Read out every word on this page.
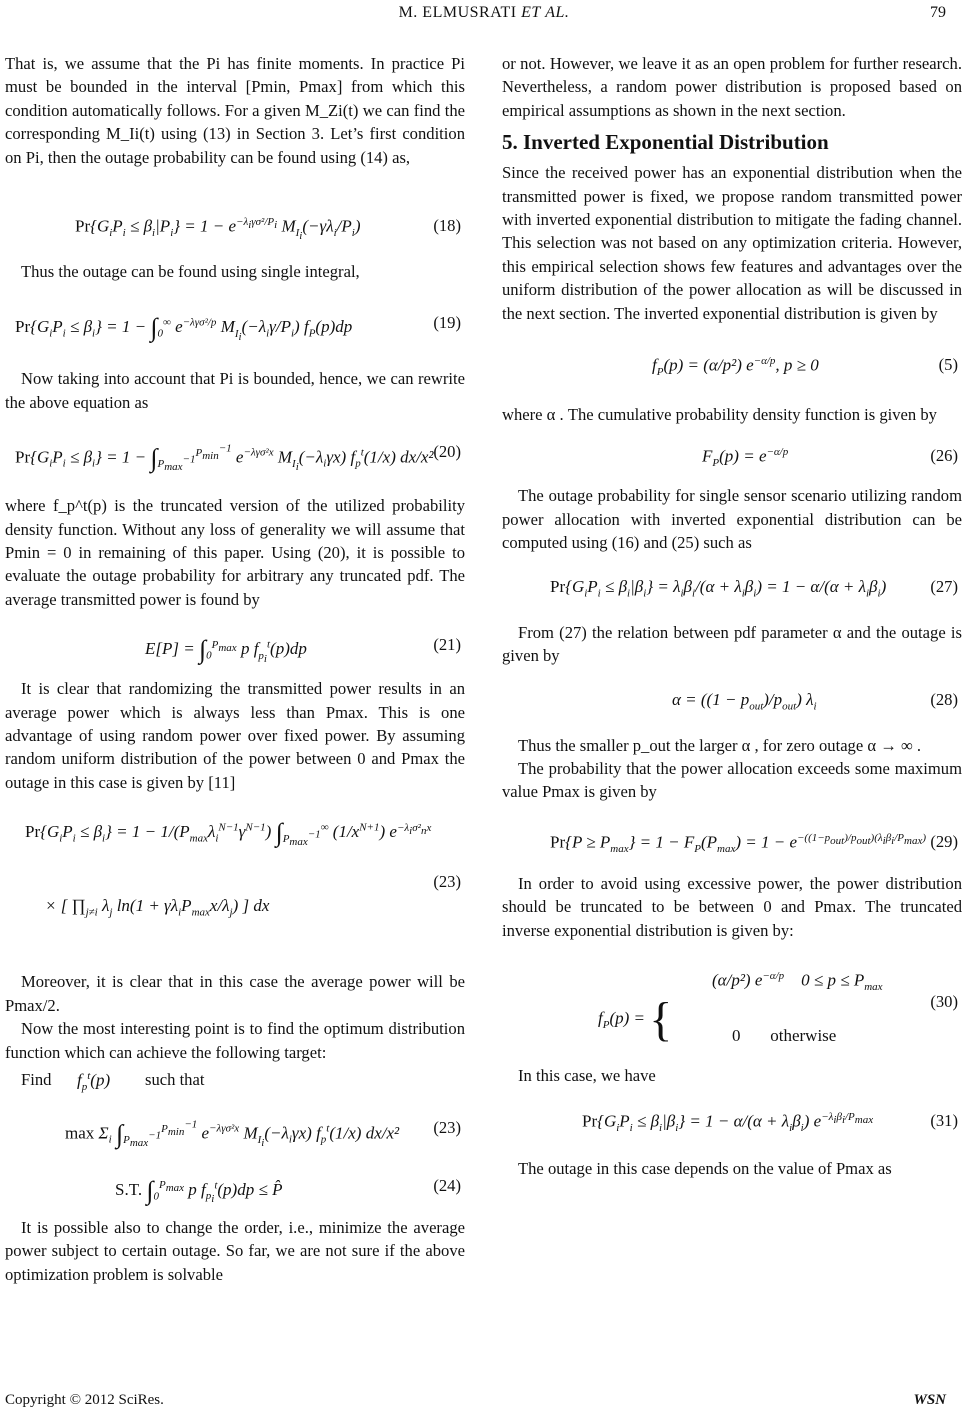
M. ELMUSRATI ET AL.	79

That is, we assume that the Pi has finite moments. In practice Pi must be bounded in the interval [Pmin, Pmax] from which this condition automatically follows. For a given M_Zi(t) we can find the corresponding M_Ii(t) using (13) in Section 3. Let’s first condition on Pi, then the outage probability can be found using (14) as,

$Pr\{G_iP_i \le \beta_i|P_i\} = 1 - e^{-\lambda_i\gamma\sigma^2/P_i}$ $M_{I_i}(-\gamma\lambda_i/P_i)$	(18)

Thus the outage can be found using single integral,

$Pr\{G_iP_i \le \beta_i\} = 1 - \int_0^\infty$ $e^{-\lambda\gamma\sigma^2/p}$ $M_{I_i}(-\lambda_i\gamma/P_i)$ $f_P(p)dp$	(19)

Now taking into account that Pi is bounded, hence, we can rewrite the above equation as

$Pr\{G_iP_i \le \beta_i\} = 1 - \int_{P_{max}^{-1}}^{P_{min}^{-1}}$ $e^{-\lambda\gamma\sigma^2x}$ $M_{I_i}(-\lambda_i\gamma x)$ $f_p^t(1/x)$ dx/x² (20)

where f_p^t(p) is the truncated version of the utilized probability density function. Without any loss of generality we will assume that Pmin = 0 in remaining of this paper. Using (20), it is possible to evaluate the outage probability for arbitrary any truncated pdf. The average transmitted power is found by

$E[P] = \int_0^{P_{max}}$ p $f_{p_i}^t(p)dp$	(21)

It is clear that randomizing the transmitted power results in an average power which is always less than Pmax. This is one advantage of using random power over fixed power. By assuming random uniform distribution of the power between 0 and Pmax the outage in this case is given by [11]

$Pr\{G_iP_i \le \beta_i\} = 1 - 1/(P_{max}\lambda_i^{N-1}\gamma^{N-1})$ $\int_{P_{max}^{-1}}^\infty$ $(1/x^{N+1})$ $e^{-\lambda_i\sigma^2_nx}$
× [ $\prod_{j\ne i}$ $\lambda_j$ $\ln(1 + \gamma\lambda_iP_{max}x/\lambda_j)$ ] dx
(23)

Moreover, it is clear that in this case the average power will be Pmax/2.

Now the most interesting point is to find the optimum distribution function which can achieve the following target:

Find $f_p^t(p)$ such that
$\max \Sigma_i$ $\int_{P_{max}^{-1}}^{P_{min}^{-1}}$ $e^{-\lambda\gamma\sigma^2x}$ $M_{I_i}(-\lambda_i\gamma x)$ $f_p^t(1/x)$ dx/x² (23)
S.T. $\int_0^{P_{max}}$ p $f_{p_i}^t(p)dp$ ≤ P̂	(24)

It is possible also to change the order, i.e., minimize the average power subject to certain outage. So far, we are not sure if the above optimization problem is solvable

or not. However, we leave it as an open problem for further research. Nevertheless, a random power distribution is proposed based on empirical assumptions as shown in the next section.

5. Inverted Exponential Distribution

Since the received power has an exponential distribution when the transmitted power is fixed, we propose random transmitted power with inverted exponential distribution to mitigate the fading channel. This selection was not based on any optimization criteria. However, this empirical selection shows few features and advantages over the uniform distribution of the power allocation as will be discussed in the next section. The inverted exponential distribution is given by

$f_P(p) = (\alpha/p^2)$ $e^{-\alpha/p}$, p ≥ 0	(5)

where α . The cumulative probability density function is given by

$F_P(p) = e^{-\alpha/p}$	(26)

The outage probability for single sensor scenario utilizing random power allocation with inverted exponential distribution can be computed using (16) and (25) such as

$Pr\{G_iP_i \le \beta_i|\beta_i\} = \lambda_i\beta_i/(\alpha + \lambda_i\beta_i) = 1 - \alpha/(\alpha + \lambda_i\beta_i)$	(27)

From (27) the relation between pdf parameter α and the outage is given by

$\alpha = ((1 - p_{out})/p_{out})$ $\lambda_i$	(28)

Thus the smaller p_out the larger α , for zero outage α → ∞ .

The probability that the power allocation exceeds some maximum value Pmax is given by

$Pr\{P \ge P_{max}\} = 1 - F_P(P_{max}) = 1 - e^{-((1-p_{out})/p_{out})(\lambda_i\beta_i/P_{max})}$ (29)

In order to avoid using excessive power, the power distribution should be truncated to be between 0 and Pmax. The truncated inverse exponential distribution is given by:

$f_P(p)$ = {
(α/p²) $e^{-\alpha/p}$    $0 \le p \le P_{max}$
0 otherwise
(30)

In this case, we have

$Pr\{G_iP_i \le \beta_i|\beta_i\} = 1 - \alpha/(\alpha + \lambda_i\beta_i)$ $e^{-\lambda_i\beta_i/P_{max}}$	(31)

The outage in this case depends on the value of Pmax as

Copyright © 2012 SciRes.	WSN
